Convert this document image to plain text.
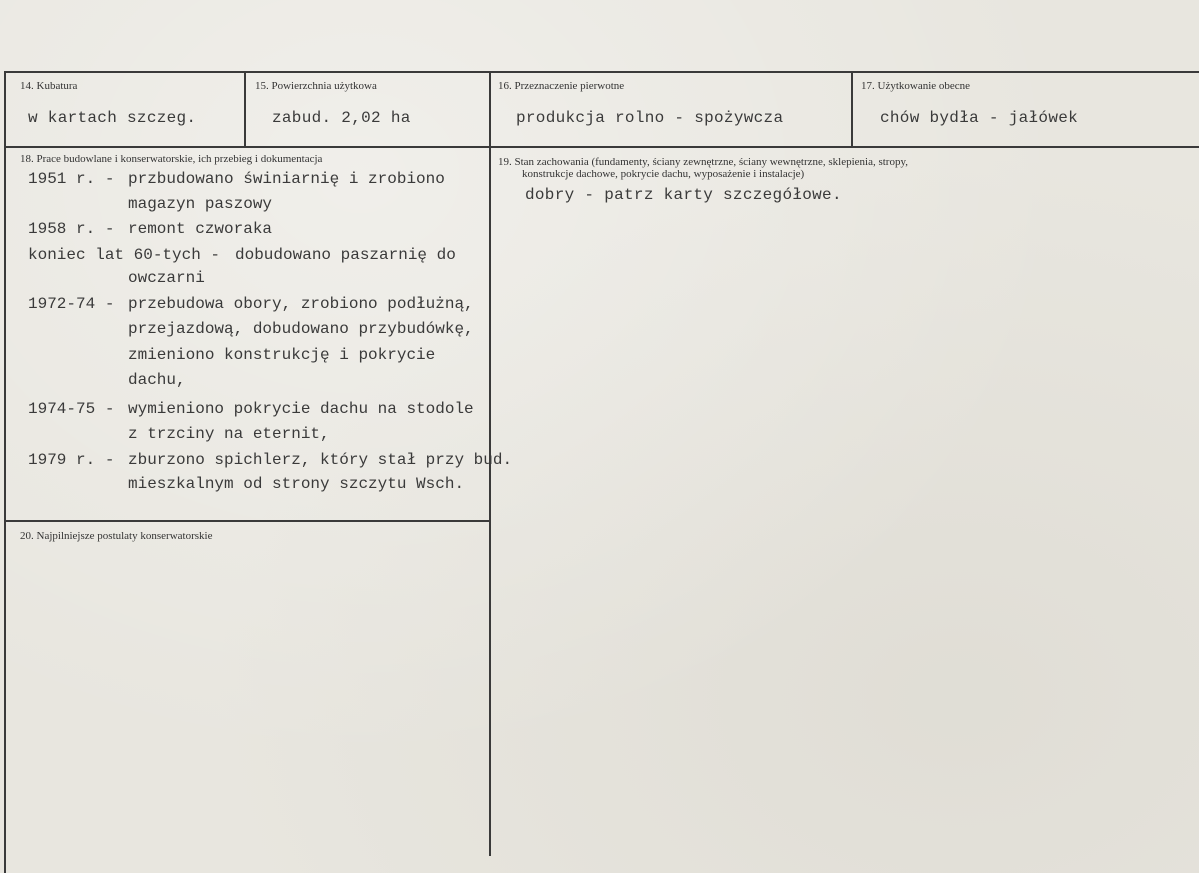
14. Kubatura
w kartach szczeg.
15. Powierzchnia użytkowa
zabud. 2,02 ha
16. Przeznaczenie pierwotne
produkcja rolno - spożywcza
17. Użytkowanie obecne
chów bydła - jałówek
18. Prace budowlane i konserwatorskie, ich przebieg i dokumentacja
1951 r. - przbudowano świniarnię i zrobiono
magazyn paszowy
1958 r. - remont czworaka
koniec lat 60-tych - dobudowano paszarnię do
owczarni
1972-74 - przebudowa obory, zrobiono podłużną,
przejazdową, dobudowano przybudówkę,
zmieniono konstrukcję i pokrycie
dachu,
1974-75 - wymieniono pokrycie dachu na stodole
z trzciny na eternit,
1979 r. - zburzono spichlerz, który stał przy bud.
mieszkalnym od strony szczytu Wsch.
19. Stan zachowania (fundamenty, ściany zewnętrzne, ściany wewnętrzne, sklepienia, stropy,
konstrukcje dachowe, pokrycie dachu, wyposażenie i instalacje)
dobry - patrz karty szczegółowe.
20. Najpilniejsze postulaty konserwatorskie
